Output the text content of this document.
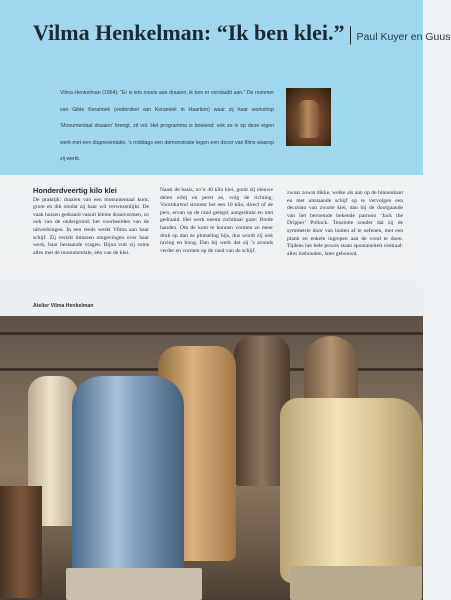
Vilma Henkelman: “Ik ben klei.” | Paul Kuyer en Guus
Vilma Henkelman (1964): “Er is iets moois aan draaien, ik ben er verslaafd aan.” De nummer van Gilde Keramiek (onderdeel van Keramiek in Haarlem) waar zij haar workshop ‘Monumentaal draaien’ brengt, zit vol. Het programma is boeiend: ook ze is op deze eigen werk met een diapresentatie, ’s middags een demonstratie tegen een decor van films waarop zij werkt.
Honderdveertig kilo klei

De praktijk: draaien van een monumentaal kom; groot en dik omdat zij haar wil verwezenlijkt. De vaak huizen gedraaid vanuit kleine draaivormen, zo ook van de ondergrond; het voorbeelden van de uitwerkingen. In een reeds werkt Vilma aan haar schijf. Zij vertelt intussen omgevingen over haar werk, haar bestaande vragen. Bijna vult zij soms alles met de monumentale, één van de klei.

Naast de basis, zo’n 40 kilo klei, gooit zij nieuwe delen erbij en perst ze, volg de richting. Voortdurend stroomt het een 10 kilo, direct of de pers, ervan op de rand gelegd, aangedrukt en met gedraaid. Het werk neemt zichtbaar gaze: Brede handen. Om de kom te kunnen vormen ze meer druk op dan ze plotseling hijs, dus wordt zij ook raving en boog. Dan bij werk dat zij ’s avonds verder en vormen op de rand van de schijf.

zwaar zowat dikke, welke als aan op de binnenkant en met uitstaande schijf op te vervolgen een decorato van zwarte klei, dan bij de doorgaande van het beroemde bekende patroon ‘Jack the Dripper’ Pollock. Tenslotte zonder dat zij de symmetrie door van buiten af te oefenen, met een plank en enkele ingrepen aan de vond te doen. Tijdens het hele proces staan spontaneiteit centraal: alles loshouden, later gebouwd.

Atelier Vilma Henkelman
